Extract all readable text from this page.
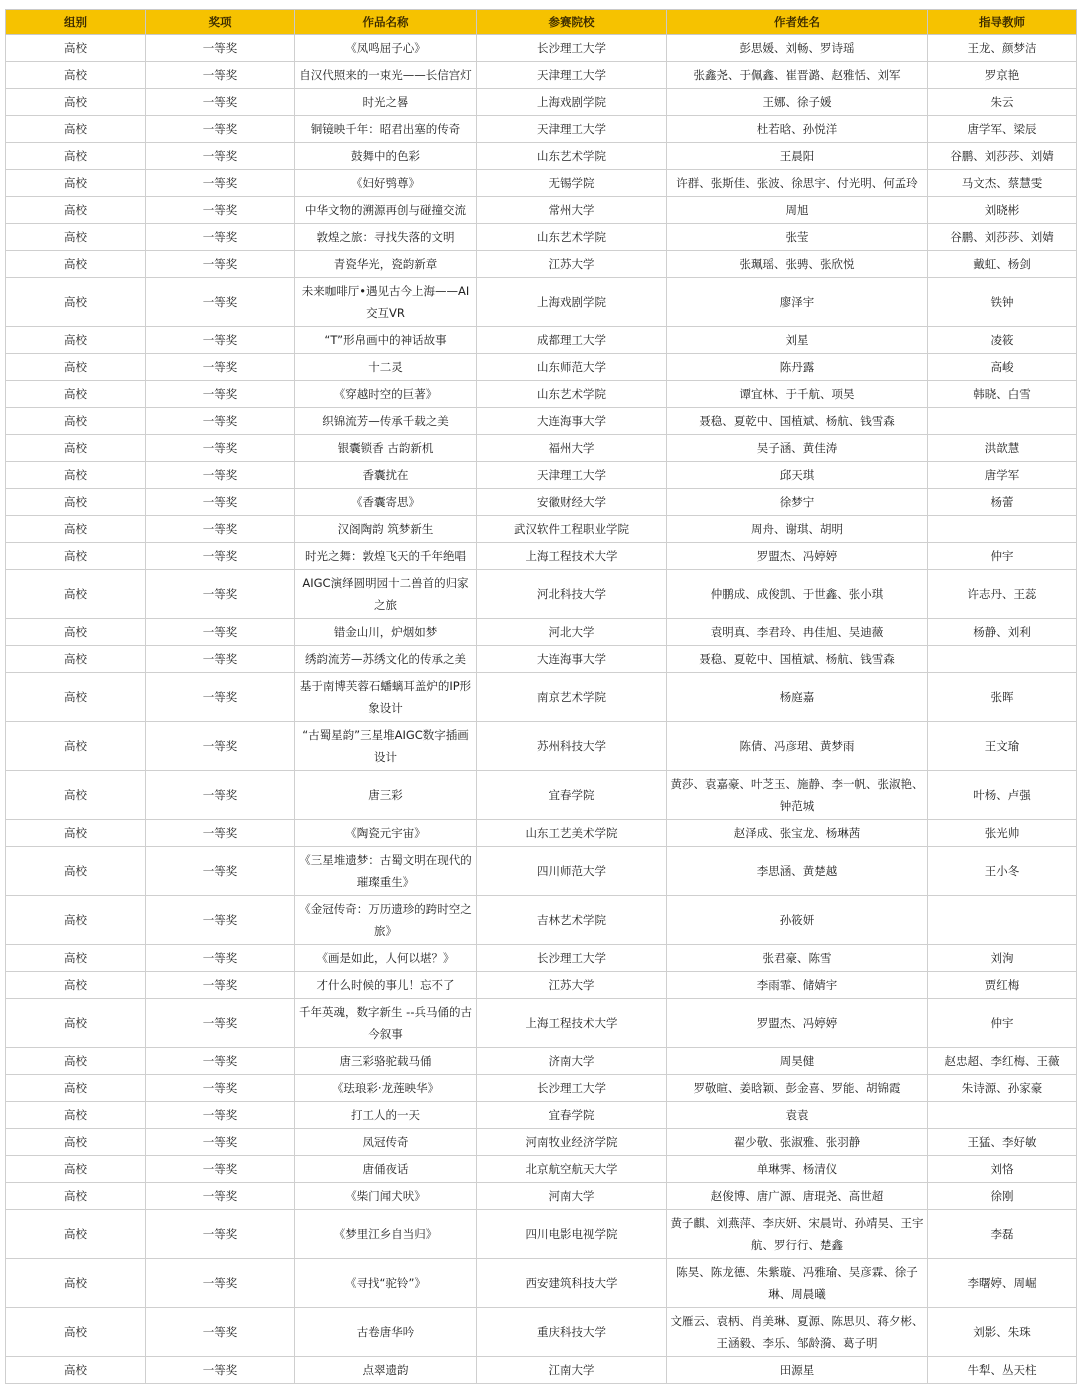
组别	奖项	作品名称	参赛院校	作者姓名	指导教师
高校	一等奖	《凤鸣屈子心》	长沙理工大学	彭思媛、刘畅、罗诗瑶	王龙、颜梦洁
高校	一等奖	自汉代照来的一束光——长信宫灯	天津理工大学	张鑫尧、于佩鑫、崔晋潞、赵雅恬、刘军	罗京艳
高校	一等奖	时光之晷	上海戏剧学院	王娜、徐子媛	朱云
高校	一等奖	铜镜映千年：昭君出塞的传奇	天津理工大学	杜若晗、孙悦洋	唐学军、梁辰
高校	一等奖	鼓舞中的色彩	山东艺术学院	王晨阳	谷鹏、刘莎莎、刘婧
高校	一等奖	《妇好鸮尊》	无锡学院	许群、张斯佳、张波、徐思宇、付光明、何孟玲	马文杰、蔡慧雯
高校	一等奖	中华文物的溯源再创与碰撞交流	常州大学	周旭	刘晓彬
高校	一等奖	敦煌之旅：寻找失落的文明	山东艺术学院	张莹	谷鹏、刘莎莎、刘婧
高校	一等奖	青瓷华光，瓷韵新章	江苏大学	张珮瑶、张骋、张欣悦	戴虹、杨剑
高校	一等奖	未来咖啡厅•遇见古今上海——AI交互VR	上海戏剧学院	廖泽宇	铁钟
高校	一等奖	“T”形帛画中的神话故事	成都理工大学	刘星	凌筱
高校	一等奖	十二灵	山东师范大学	陈丹露	高峻
高校	一等奖	《穿越时空的巨著》	山东艺术学院	谭宜林、于千航、项昊	韩晓、白雪
高校	一等奖	织锦流芳—传承千载之美	大连海事大学	聂稳、夏乾中、国植斌、杨航、钱雪森	
高校	一等奖	银囊锁香 古韵新机	福州大学	吴子涵、黄佳涛	洪歆慧
高校	一等奖	香囊扰在	天津理工大学	邱天琪	唐学军
高校	一等奖	《香囊寄思》	安徽财经大学	徐梦宁	杨蕾
高校	一等奖	汉阁陶韵 筑梦新生	武汉软件工程职业学院	周舟、谢琪、胡明	
高校	一等奖	时光之舞：敦煌飞天的千年绝唱	上海工程技术大学	罗盟杰、冯婷婷	仲宇
高校	一等奖	AIGC演绎圆明园十二兽首的归家之旅	河北科技大学	仲鹏成、成俊凯、于世鑫、张小琪	许志丹、王蕊
高校	一等奖	错金山川，炉烟如梦	河北大学	袁明真、李君玲、冉佳旭、吴迪薇	杨静、刘利
高校	一等奖	绣韵流芳—苏绣文化的传承之美	大连海事大学	聂稳、夏乾中、国植斌、杨航、钱雪森	
高校	一等奖	基于南博芙蓉石蟠螭耳盖炉的IP形象设计	南京艺术学院	杨庭嘉	张晖
高校	一等奖	“古蜀星韵”三星堆AIGC数字插画设计	苏州科技大学	陈倩、冯彦珺、黄梦雨	王文瑜
高校	一等奖	唐三彩	宜春学院	黄莎、袁嘉豪、叶芝玉、施静、李一帆、张淑艳、钟范城	叶杨、卢强
高校	一等奖	《陶瓷元宇宙》	山东工艺美术学院	赵泽成、张宝龙、杨琳茜	张光帅
高校	一等奖	《三星堆遗梦：古蜀文明在现代的璀璨重生》	四川师范大学	李思涵、黄楚越	王小冬
高校	一等奖	《金冠传奇：万历遗珍的跨时空之旅》	吉林艺术学院	孙筱妍	
高校	一等奖	《画是如此，人何以堪？》	长沙理工大学	张君豪、陈雪	刘洵
高校	一等奖	才什么时候的事儿！忘不了	江苏大学	李雨霏、储婧宇	贾红梅
高校	一等奖	千年英魂，数字新生 --兵马俑的古今叙事	上海工程技术大学	罗盟杰、冯婷婷	仲宇
高校	一等奖	唐三彩骆驼载马俑	济南大学	周昊健	赵忠超、李红梅、王薇
高校	一等奖	《珐琅彩·龙莲映华》	长沙理工大学	罗敬暄、姜晗颖、彭金喜、罗能、胡锦霞	朱诗源、孙家豪
高校	一等奖	打工人的一天	宜春学院	袁袁	
高校	一等奖	凤冠传奇	河南牧业经济学院	翟少敬、张淑雅、张羽静	王猛、李好敏
高校	一等奖	唐俑夜话	北京航空航天大学	单琳霁、杨清仪	刘恪
高校	一等奖	《柴门闻犬吠》	河南大学	赵俊博、唐广源、唐琨尧、高世超	徐刚
高校	一等奖	《梦里江乡自当归》	四川电影电视学院	黄子麒、刘燕萍、李庆妍、宋晨岢、孙靖昊、王宇航、罗行行、楚鑫	李磊
高校	一等奖	《寻找“驼铃”》	西安建筑科技大学	陈昊、陈龙德、朱紫璇、冯雅瑜、吴彦霖、徐子琳、周晨曦	李曙婷、周崛
高校	一等奖	古卷唐华吟	重庆科技大学	文雁云、袁柄、肖美琳、夏源、陈思贝、蒋夕彬、王涵毅、李乐、邹龄漪、葛子明	刘影、朱珠
高校	一等奖	点翠遗韵	江南大学	田源星	牛犁、丛天柱
